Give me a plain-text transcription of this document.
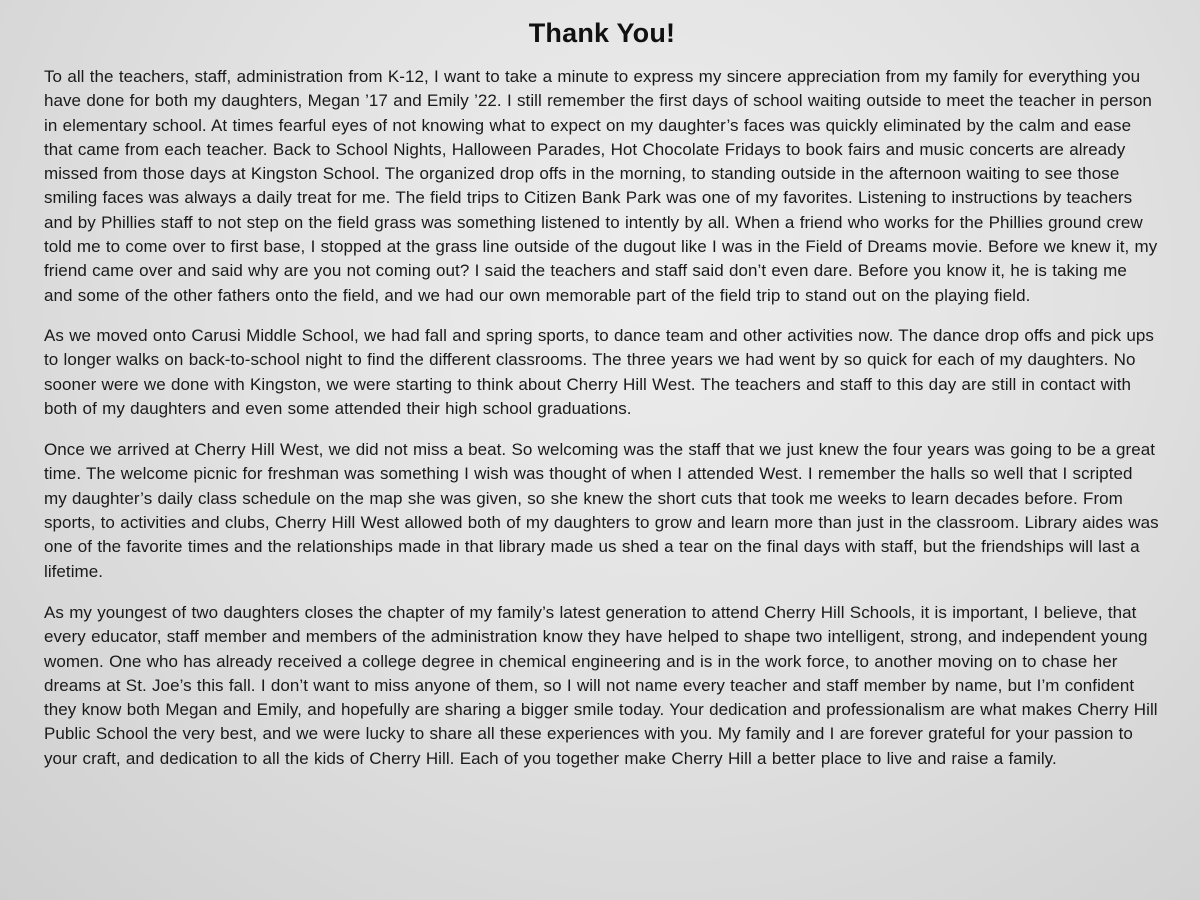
Thank You!

To all the teachers, staff, administration from K-12, I want to take a minute to express my sincere appreciation from my family for everything you have done for both my daughters, Megan ’17 and Emily ’22. I still remember the first days of school waiting outside to meet the teacher in person in elementary school. At times fearful eyes of not knowing what to expect on my daughter’s faces was quickly eliminated by the calm and ease that came from each teacher. Back to School Nights, Halloween Parades, Hot Chocolate Fridays to book fairs and music concerts are already missed from those days at Kingston School. The organized drop offs in the morning, to standing outside in the afternoon waiting to see those smiling faces was always a daily treat for me. The field trips to Citizen Bank Park was one of my favorites. Listening to instructions by teachers and by Phillies staff to not step on the field grass was something listened to intently by all. When a friend who works for the Phillies ground crew told me to come over to first base, I stopped at the grass line outside of the dugout like I was in the Field of Dreams movie. Before we knew it, my friend came over and said why are you not coming out? I said the teachers and staff said don’t even dare. Before you know it, he is taking me and some of the other fathers onto the field, and we had our own memorable part of the field trip to stand out on the playing field.

As we moved onto Carusi Middle School, we had fall and spring sports, to dance team and other activities now. The dance drop offs and pick ups to longer walks on back-to-school night to find the different classrooms. The three years we had went by so quick for each of my daughters. No sooner were we done with Kingston, we were starting to think about Cherry Hill West. The teachers and staff to this day are still in contact with both of my daughters and even some attended their high school graduations.

Once we arrived at Cherry Hill West, we did not miss a beat. So welcoming was the staff that we just knew the four years was going to be a great time. The welcome picnic for freshman was something I wish was thought of when I attended West. I remember the halls so well that I scripted my daughter’s daily class schedule on the map she was given, so she knew the short cuts that took me weeks to learn decades before. From sports, to activities and clubs, Cherry Hill West allowed both of my daughters to grow and learn more than just in the classroom. Library aides was one of the favorite times and the relationships made in that library made us shed a tear on the final days with staff, but the friendships will last a lifetime.

As my youngest of two daughters closes the chapter of my family’s latest generation to attend Cherry Hill Schools, it is important, I believe, that every educator, staff member and members of the administration know they have helped to shape two intelligent, strong, and independent young women. One who has already received a college degree in chemical engineering and is in the work force, to another moving on to chase her dreams at St. Joe’s this fall. I don’t want to miss anyone of them, so I will not name every teacher and staff member by name, but I’m confident they know both Megan and Emily, and hopefully are sharing a bigger smile today. Your dedication and professionalism are what makes Cherry Hill Public School the very best, and we were lucky to share all these experiences with you. My family and I are forever grateful for your passion to your craft, and dedication to all the kids of Cherry Hill. Each of you together make Cherry Hill a better place to live and raise a family.
